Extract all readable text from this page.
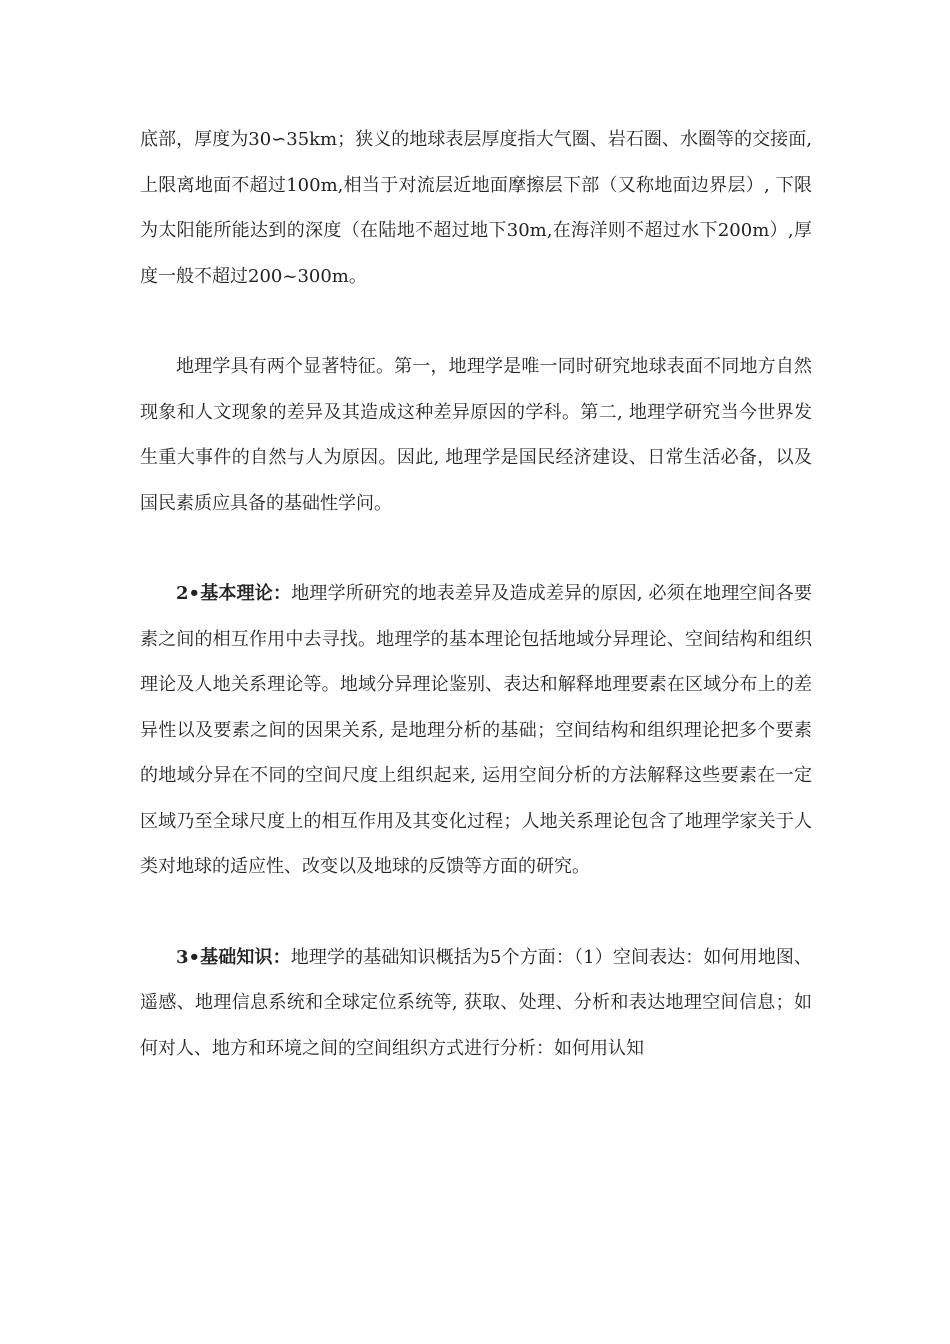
底部，厚度为30∽35km；狭义的地球表层厚度指大气圈、岩石圈、水圈等的交接面,上限离地面不超过100m,相当于对流层近地面摩擦层下部（又称地面边界层）, 下限为太阳能所能达到的深度（在陆地不超过地下30m,在海洋则不超过水下200m）,厚度一般不超过200~300m。

地理学具有两个显著特征。第一，地理学是唯一同时研究地球表面不同地方自然现象和人文现象的差异及其造成这种差异原因的学科。第二, 地理学研究当今世界发生重大事件的自然与人为原因。因此, 地理学是国民经济建设、日常生活必备，以及国民素质应具备的基础性学问。

2•基本理论：地理学所研究的地表差异及造成差异的原因, 必须在地理空间各要素之间的相互作用中去寻找。地理学的基本理论包括地域分异理论、空间结构和组织理论及人地关系理论等。地域分异理论鉴别、表达和解释地理要素在区域分布上的差异性以及要素之间的因果关系, 是地理分析的基础；空间结构和组织理论把多个要素的地域分异在不同的空间尺度上组织起来, 运用空间分析的方法解释这些要素在一定区域乃至全球尺度上的相互作用及其变化过程；人地关系理论包含了地理学家关于人类对地球的适应性、改变以及地球的反馈等方面的研究。

3•基础知识：地理学的基础知识概括为5个方面：（1）空间表达：如何用地图、遥感、地理信息系统和全球定位系统等, 获取、处理、分析和表达地理空间信息；如何对人、地方和环境之间的空间组织方式进行分析：如何用认知
